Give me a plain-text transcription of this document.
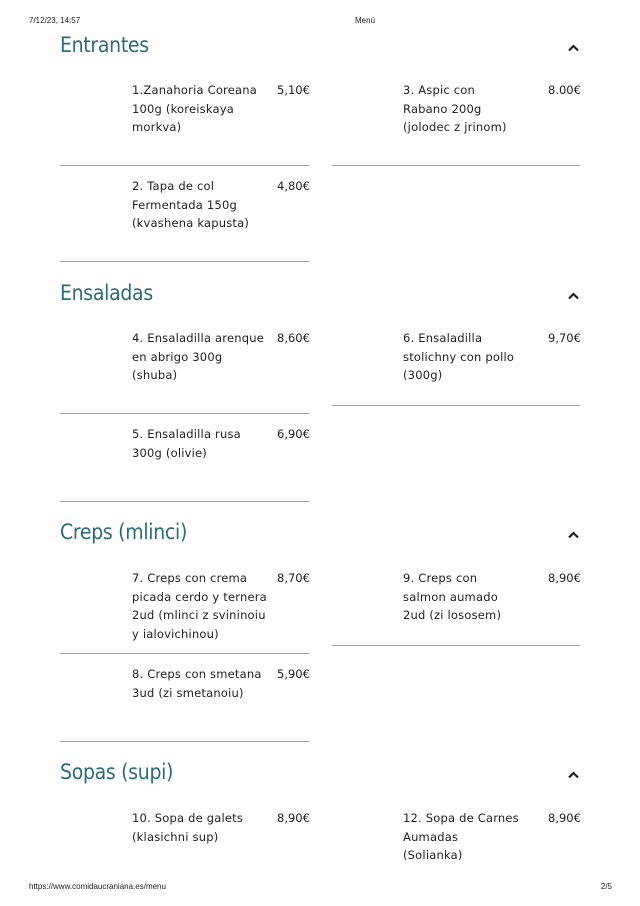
7/12/23, 14:57	Menú
Entrantes
1.Zanahoria Coreana 100g (koreiskaya morkva)
5,10€	3. Aspic con Rabano 200g (jolodec z jrinom)
8.00€
2. Tapa de col Fermentada 150g (kvashena kapusta)
4,80€
Ensaladas
4. Ensaladilla arenque en abrigo 300g (shuba)
8,60€	6. Ensaladilla stolichny con pollo (300g)
9,70€
5. Ensaladilla rusa 300g (olivie)
6,90€
Creps (mlinci)
7. Creps con crema picada cerdo y ternera 2ud (mlinci z svininoiu y ialovichinou)
8,70€	9. Creps con salmon aumado 2ud (zi lososem)
8,90€
8. Creps con smetana 3ud (zi smetanoiu)
5,90€
Sopas (supi)
10. Sopa de galets (klasichni sup)
8,90€	12. Sopa de Carnes Aumadas (Solianka)
8,90€
https://www.comidaucraniana.es/menu	2/5
